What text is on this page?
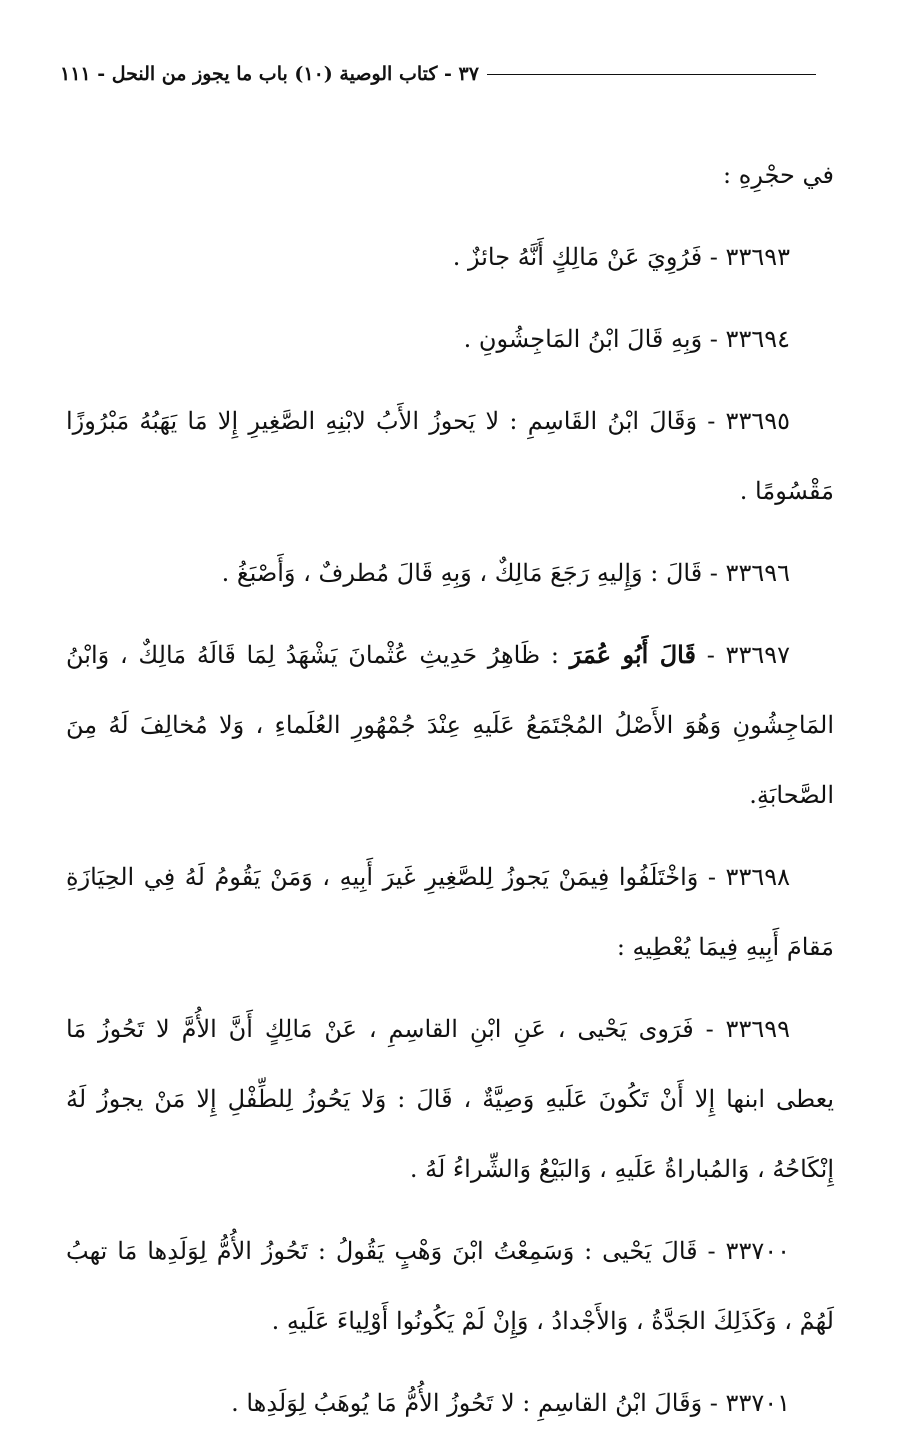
٣٧ - كتاب الوصية (١٠) باب ما يجوز من النحل - ١١١

في حجْرِهِ :

٣٣٦٩٣ - فَرُوِيَ عَنْ مَالِكٍ أَنَّهُ جائزٌ .

٣٣٦٩٤ - وَبِهِ قَالَ ابْنُ المَاجِشُونِ .

٣٣٦٩٥ - وَقَالَ ابْنُ القَاسِمِ : لا يَحوزُ الأَبُ لابْنِهِ الصَّغِيرِ إِلا مَا يَهَبُهُ مَبْرُوزًا مَقْسُومًا .

٣٣٦٩٦ - قَالَ : وَإِليهِ رَجَعَ مَالِكٌ ، وَبِهِ قَالَ مُطرفٌ ، وَأَصْبَغُ .

٣٣٦٩٧ - قَالَ أَبُو عُمَرَ : ظَاهِرُ حَدِيثِ عُثْمانَ يَشْهَدُ لِمَا قَالَهُ مَالِكٌ ، وَابْنُ المَاجِشُونِ وَهُوَ الأَصْلُ المُجْتَمَعُ عَلَيهِ عِنْدَ جُمْهُورِ العُلَماءِ ، وَلا مُخالِفَ لَهُ مِنَ الصَّحابَةِ.

٣٣٦٩٨ - وَاخْتَلَفُوا فِيمَنْ يَجوزُ لِلصَّغِيرِ غَيرَ أَبِيهِ ، وَمَنْ يَقُومُ لَهُ فِي الحِيَازَةِ مَقامَ أَبِيهِ فِيمَا يُعْطِيهِ :

٣٣٦٩٩ - فَرَوى يَحْيى ، عَنِ ابْنِ القاسِمِ ، عَنْ مَالِكٍ أَنَّ الأُمَّ لا تَحُوزُ مَا يعطى ابنها إِلا أَنْ تَكُونَ عَلَيهِ وَصِيَّةٌ ، قَالَ : وَلا يَحُوزُ لِلطِّفْلِ إِلا مَنْ يجوزُ لَهُ إِنْكَاحُهُ ، وَالمُباراةُ عَلَيهِ ، وَالبَيْعُ وَالشِّراءُ لَهُ .

٣٣٧٠٠ - قَالَ يَحْيى : وَسَمِعْتُ ابْنَ وَهْبٍ يَقُولُ : تَحُوزُ الأُمُّ لِوَلَدِها مَا تهبُ لَهُمْ ، وَكَذَلِكَ الجَدَّةُ ، وَالأَجْدادُ ، وَإِنْ لَمْ يَكُونُوا أَوْلِياءَ عَلَيهِ .

٣٣٧٠١ - وَقَالَ ابْنُ القاسِمِ : لا تَحُوزُ الأُمُّ مَا يُوهَبُ لِوَلَدِها .
